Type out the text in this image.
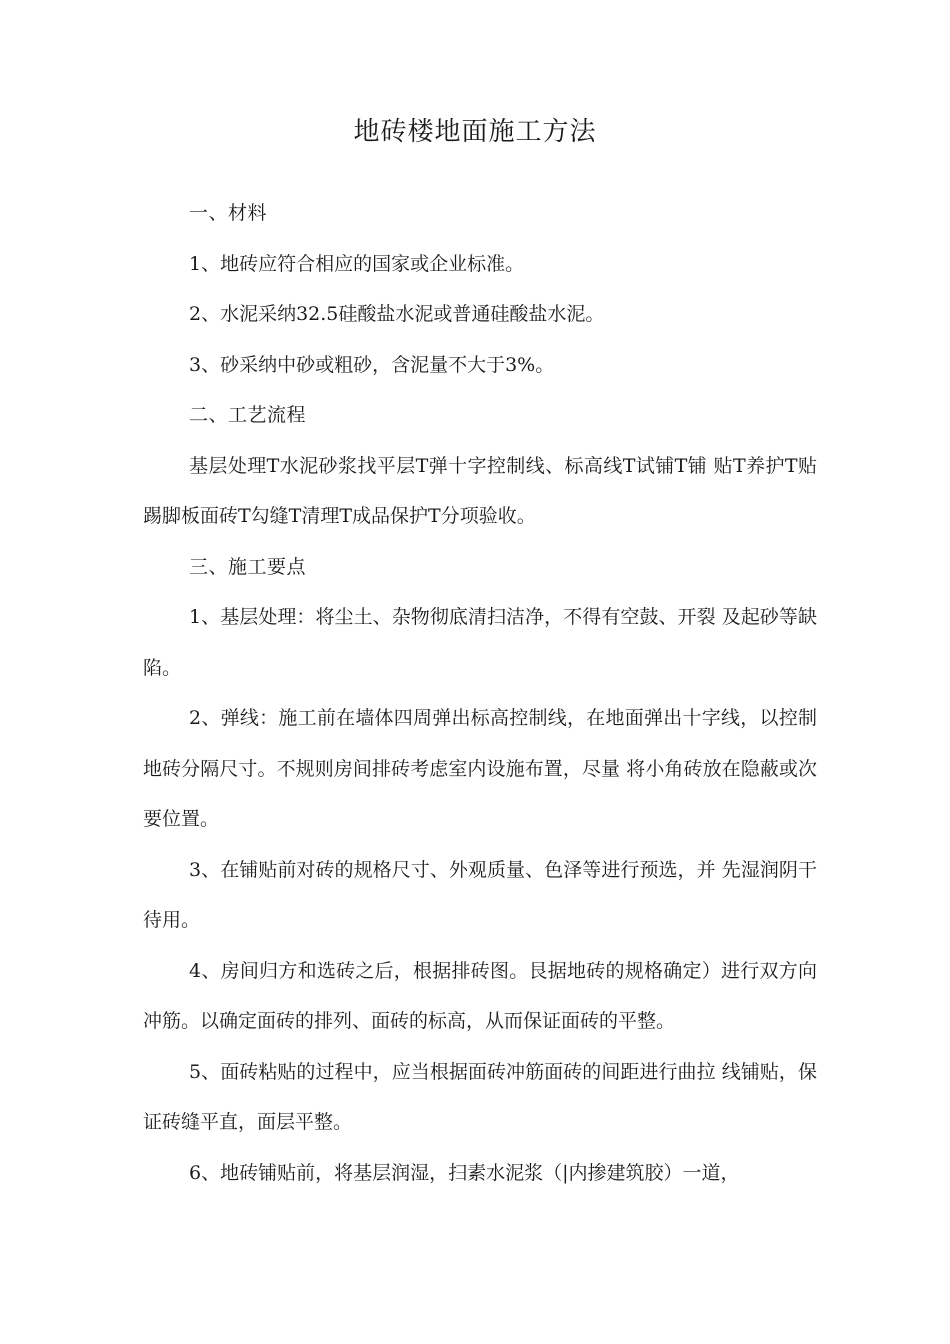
地砖楼地面施工方法

一、材料

1、地砖应符合相应的国家或企业标准。

2、水泥采纳32.5硅酸盐水泥或普通硅酸盐水泥。

3、砂采纳中砂或粗砂，含泥量不大于3%。

二、工艺流程

基层处理T水泥砂浆找平层T弹十字控制线、标高线T试铺T铺 贴T养护T贴踢脚板面砖T勾缝T清理T成品保护T分项验收。

三、施工要点

1、基层处理：将尘土、杂物彻底清扫洁净，不得有空鼓、开裂 及起砂等缺陷。

2、弹线：施工前在墙体四周弹出标高控制线，在地面弹出十字线，以控制地砖分隔尺寸。不规则房间排砖考虑室内设施布置，尽量 将小角砖放在隐蔽或次要位置。

3、在铺贴前对砖的规格尺寸、外观质量、色泽等进行预选，并 先湿润阴干待用。

4、房间归方和选砖之后，根据排砖图。艮据地砖的规格确定）进行双方向冲筋。以确定面砖的排列、面砖的标高，从而保证面砖的平整。

5、面砖粘贴的过程中，应当根据面砖冲筋面砖的间距进行曲拉 线铺贴，保证砖缝平直，面层平整。

6、地砖铺贴前，将基层润湿，扫素水泥浆（|内掺建筑胶）一道，
